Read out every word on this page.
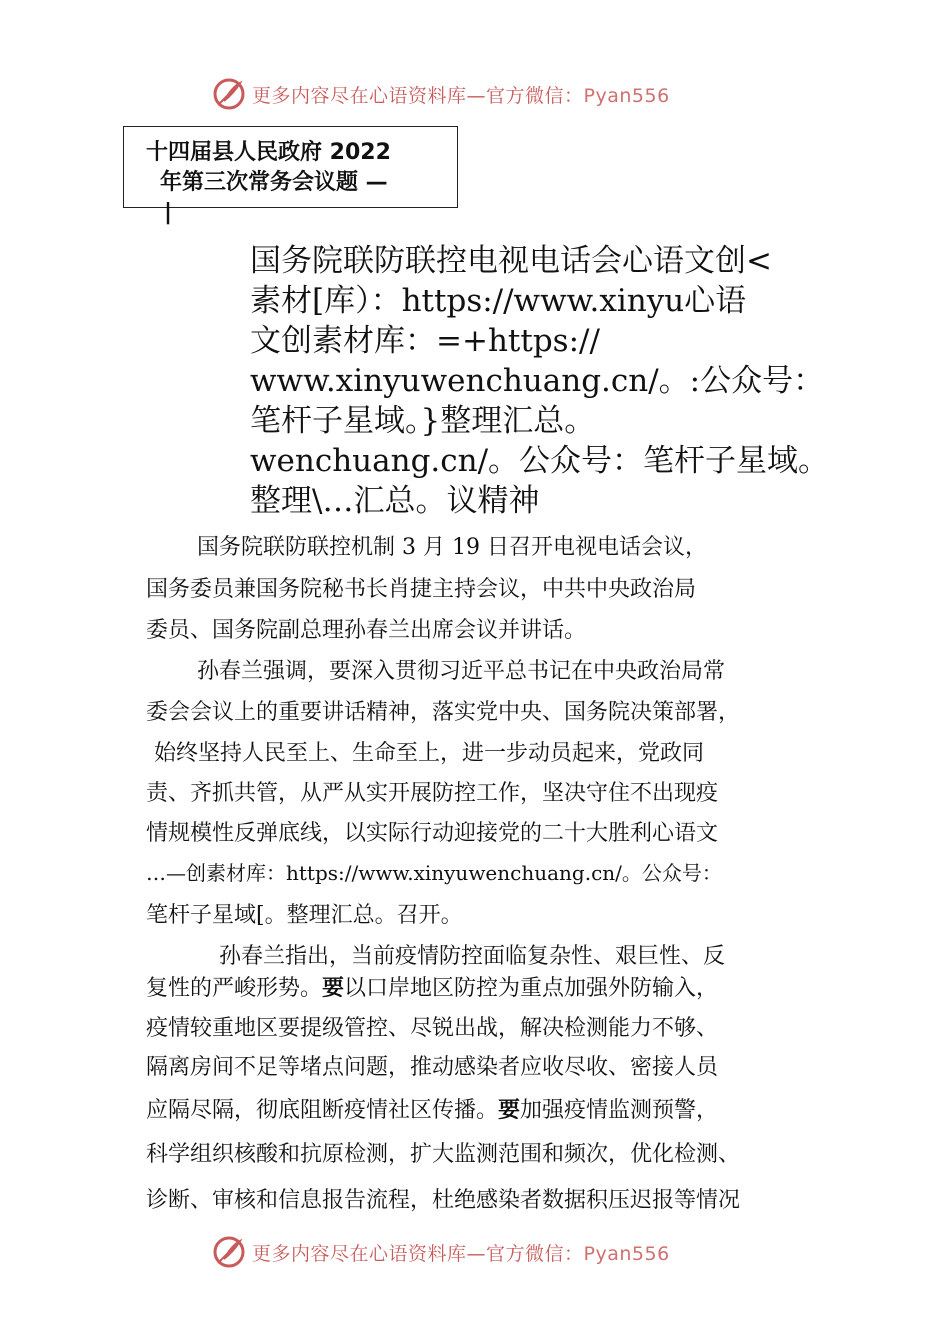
更多内容尽在心语资料库—官方微信：Pyan556
十四届县人民政府 2022
年第三次常务会议题 —
|
国务院联防联控电视电话会心语文创<
素材[库）：https://www.xinyu心语
文创素材库：=+https://
www.xinyuwenchuang.cn/。:公众号：
笔杆子星域。}整理汇总。
wenchuang.cn/。公众号：笔杆子星域。
整理\…汇总。议精神
国务院联防联控机制 3 月 19 日召开电视电话会议，
国务委员兼国务院秘书长肖捷主持会议，中共中央政治局
委员、国务院副总理孙春兰出席会议并讲话。
孙春兰强调，要深入贯彻习近平总书记在中央政治局常
委会会议上的重要讲话精神，落实党中央、国务院决策部署，
始终坚持人民至上、生命至上，进一步动员起来，党政同
责、齐抓共管，从严从实开展防控工作，坚决守住不出现疫
情规模性反弹底线，以实际行动迎接党的二十大胜利心语文
…—创素材库：https://www.xinyuwenchuang.cn/。公众号：
笔杆子星域[。整理汇总。召开。
孙春兰指出，当前疫情防控面临复杂性、艰巨性、反
复性的严峻形势。要以口岸地区防控为重点加强外防输入，
疫情较重地区要提级管控、尽锐出战，解决检测能力不够、
隔离房间不足等堵点问题，推动感染者应收尽收、密接人员
应隔尽隔，彻底阻断疫情社区传播。要加强疫情监测预警，
科学组织核酸和抗原检测，扩大监测范围和频次，优化检测、
诊断、审核和信息报告流程，杜绝感染者数据积压迟报等情况
更多内容尽在心语资料库—官方微信：Pyan556
